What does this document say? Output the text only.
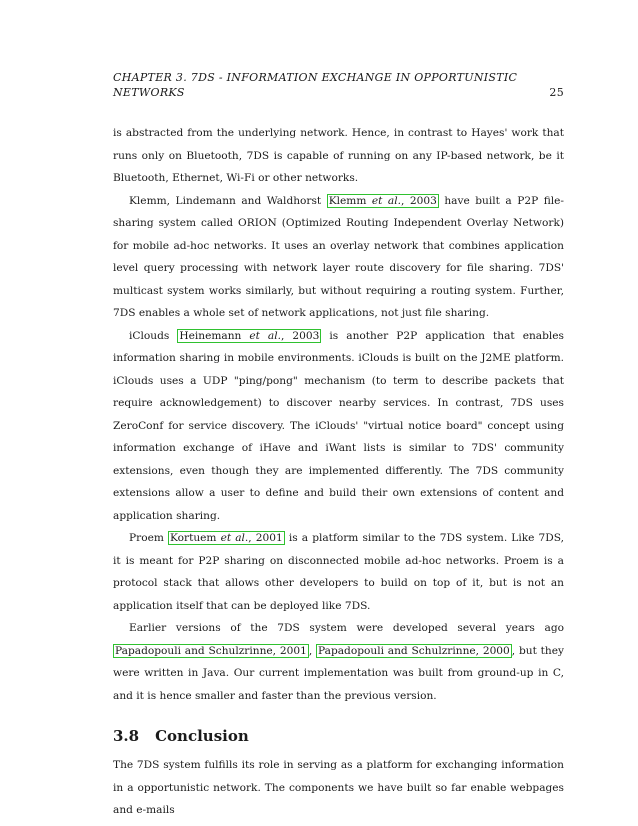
CHAPTER 3. 7DS - INFORMATION EXCHANGE IN OPPORTUNISTIC
NETWORKS	25

is abstracted from the underlying network. Hence, in contrast to Hayes' work that runs only on Bluetooth, 7DS is capable of running on any IP-based network, be it Bluetooth, Ethernet, Wi-Fi or other networks.

Klemm, Lindemann and Waldhorst Klemm et al., 2003 have built a P2P file-sharing system called ORION (Optimized Routing Independent Overlay Network) for mobile ad-hoc networks. It uses an overlay network that combines application level query processing with network layer route discovery for file sharing. 7DS' multicast system works similarly, but without requiring a routing system. Further, 7DS enables a whole set of network applications, not just file sharing.

iClouds Heinemann et al., 2003 is another P2P application that enables information sharing in mobile environments. iClouds is built on the J2ME platform. iClouds uses a UDP "ping/pong" mechanism (to term to describe packets that require acknowledgement) to discover nearby services. In contrast, 7DS uses ZeroConf for service discovery. The iClouds' "virtual notice board" concept using information exchange of iHave and iWant lists is similar to 7DS' community extensions, even though they are implemented differently. The 7DS community extensions allow a user to define and build their own extensions of content and application sharing.

Proem Kortuem et al., 2001 is a platform similar to the 7DS system. Like 7DS, it is meant for P2P sharing on disconnected mobile ad-hoc networks. Proem is a protocol stack that allows other developers to build on top of it, but is not an application itself that can be deployed like 7DS.

Earlier versions of the 7DS system were developed several years ago Papadopouli and Schulzrinne, 2001 , Papadopouli and Schulzrinne, 2000 , but they were written in Java. Our current implementation was built from ground-up in C, and it is hence smaller and faster than the previous version.

3.8 Conclusion

The 7DS system fulfills its role in serving as a platform for exchanging information in a opportunistic network. The components we have built so far enable webpages and e-mails
